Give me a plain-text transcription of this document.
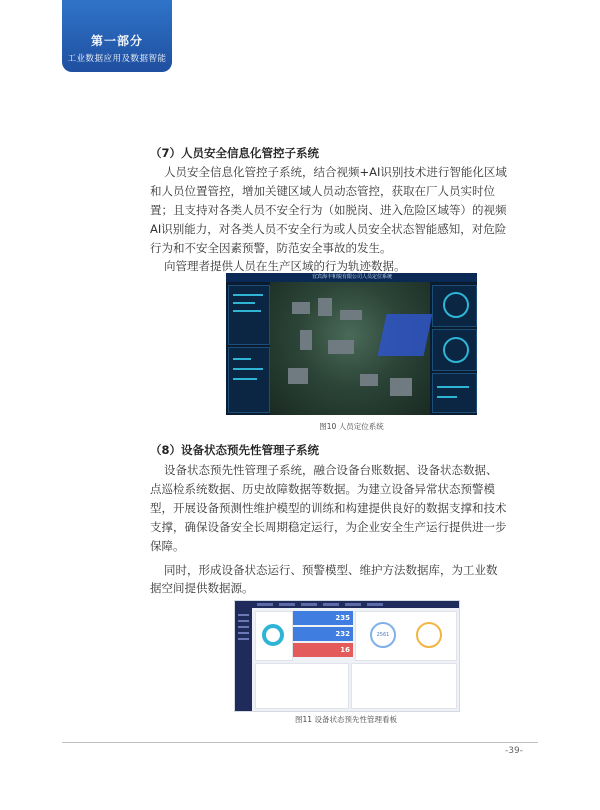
第一部分
工业数据应用及数据智能
（7）人员安全信息化管控子系统
人员安全信息化管控子系统，结合视频+AI识别技术进行智能化区域
和人员位置管控，增加关键区域人员动态管控，获取在厂人员实时位
置；且支持对各类人员不安全行为（如脱岗、进入危险区域等）的视频
AI识别能力，对各类人员不安全行为或人员安全状态智能感知，对危险
行为和不安全因素预警，防范安全事故的发生。
向管理者提供人员在生产区域的行为轨迹数据。
宜宾海丰和锐有限公司人员定位系统
图10 人员定位系统
（8）设备状态预先性管理子系统
设备状态预先性管理子系统，融合设备台账数据、设备状态数据、
点巡检系统数据、历史故障数据等数据。为建立设备异常状态预警模
型，开展设备预测性维护模型的训练和构建提供良好的数据支撑和技术
支撑，确保设备安全长周期稳定运行，为企业安全生产运行提供进一步
保障。
同时，形成设备状态运行、预警模型、维护方法数据库，为工业数
据空间提供数据源。
235
232
16
2561
图11 设备状态预先性管理看板
-39-
